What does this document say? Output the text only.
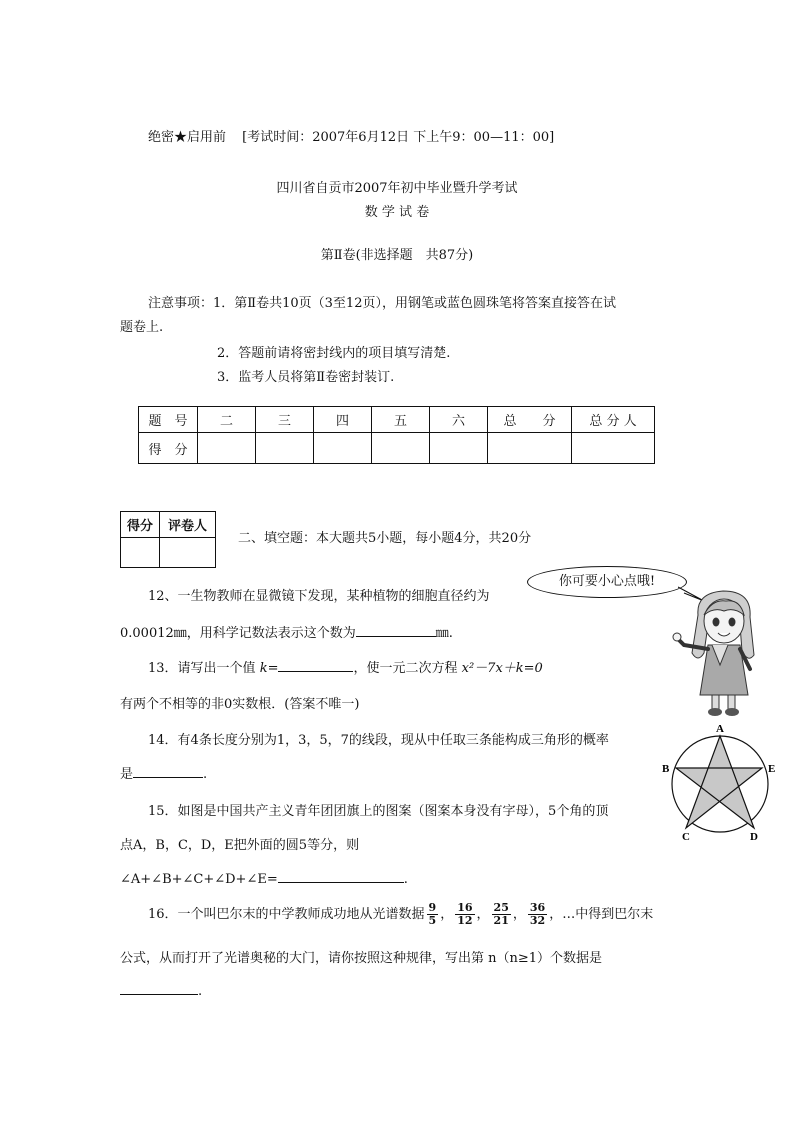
绝密★启用前 [考试时间：2007年6月12日 下上午9：00—11：00]
四川省自贡市2007年初中毕业暨升学考试
数 学 试 卷
第Ⅱ卷(非选择题　共87分)
注意事项：1．第Ⅱ卷共10页（3至12页），用钢笔或蓝色圆珠笔将答案直接答在试
题卷上.
2．答题前请将密封线内的项目填写清楚.
3．监考人员将第Ⅱ卷密封装订.
题　号	二	三	四	五	六	总　　分	总 分 人
得　分							
得分	评卷人

二、填空题：本大题共5小题，每小题4分，共20分
你可要小心点哦!
A
B	E
C	D
12、一生物教师在显微镜下发现，某种植物的细胞直径约为
0.00012㎜，用科学记数法表示这个数为	㎜.
13．请写出一个值 k=	，使一元二次方程 x²－7x＋k=0
有两个不相等的非0实数根．(答案不唯一)
14．有4条长度分别为1，3，5，7的线段，现从中任取三条能构成三角形的概率
是	.
15．如图是中国共产主义青年团团旗上的图案（图案本身没有字母），5个角的顶
点A，B，C，D，E把外面的圆5等分，则
∠A+∠B+∠C+∠D+∠E=	.
16．一个叫巴尔末的中学教师成功地从光谱数据 $\frac{9}{5}$ ， $\frac{16}{12}$ ， $\frac{25}{21}$ ， $\frac{36}{32}$ ，…中得到巴尔末
公式，从而打开了光谱奥秘的大门，请你按照这种规律，写出第 n（n≥1）个数据是
.
